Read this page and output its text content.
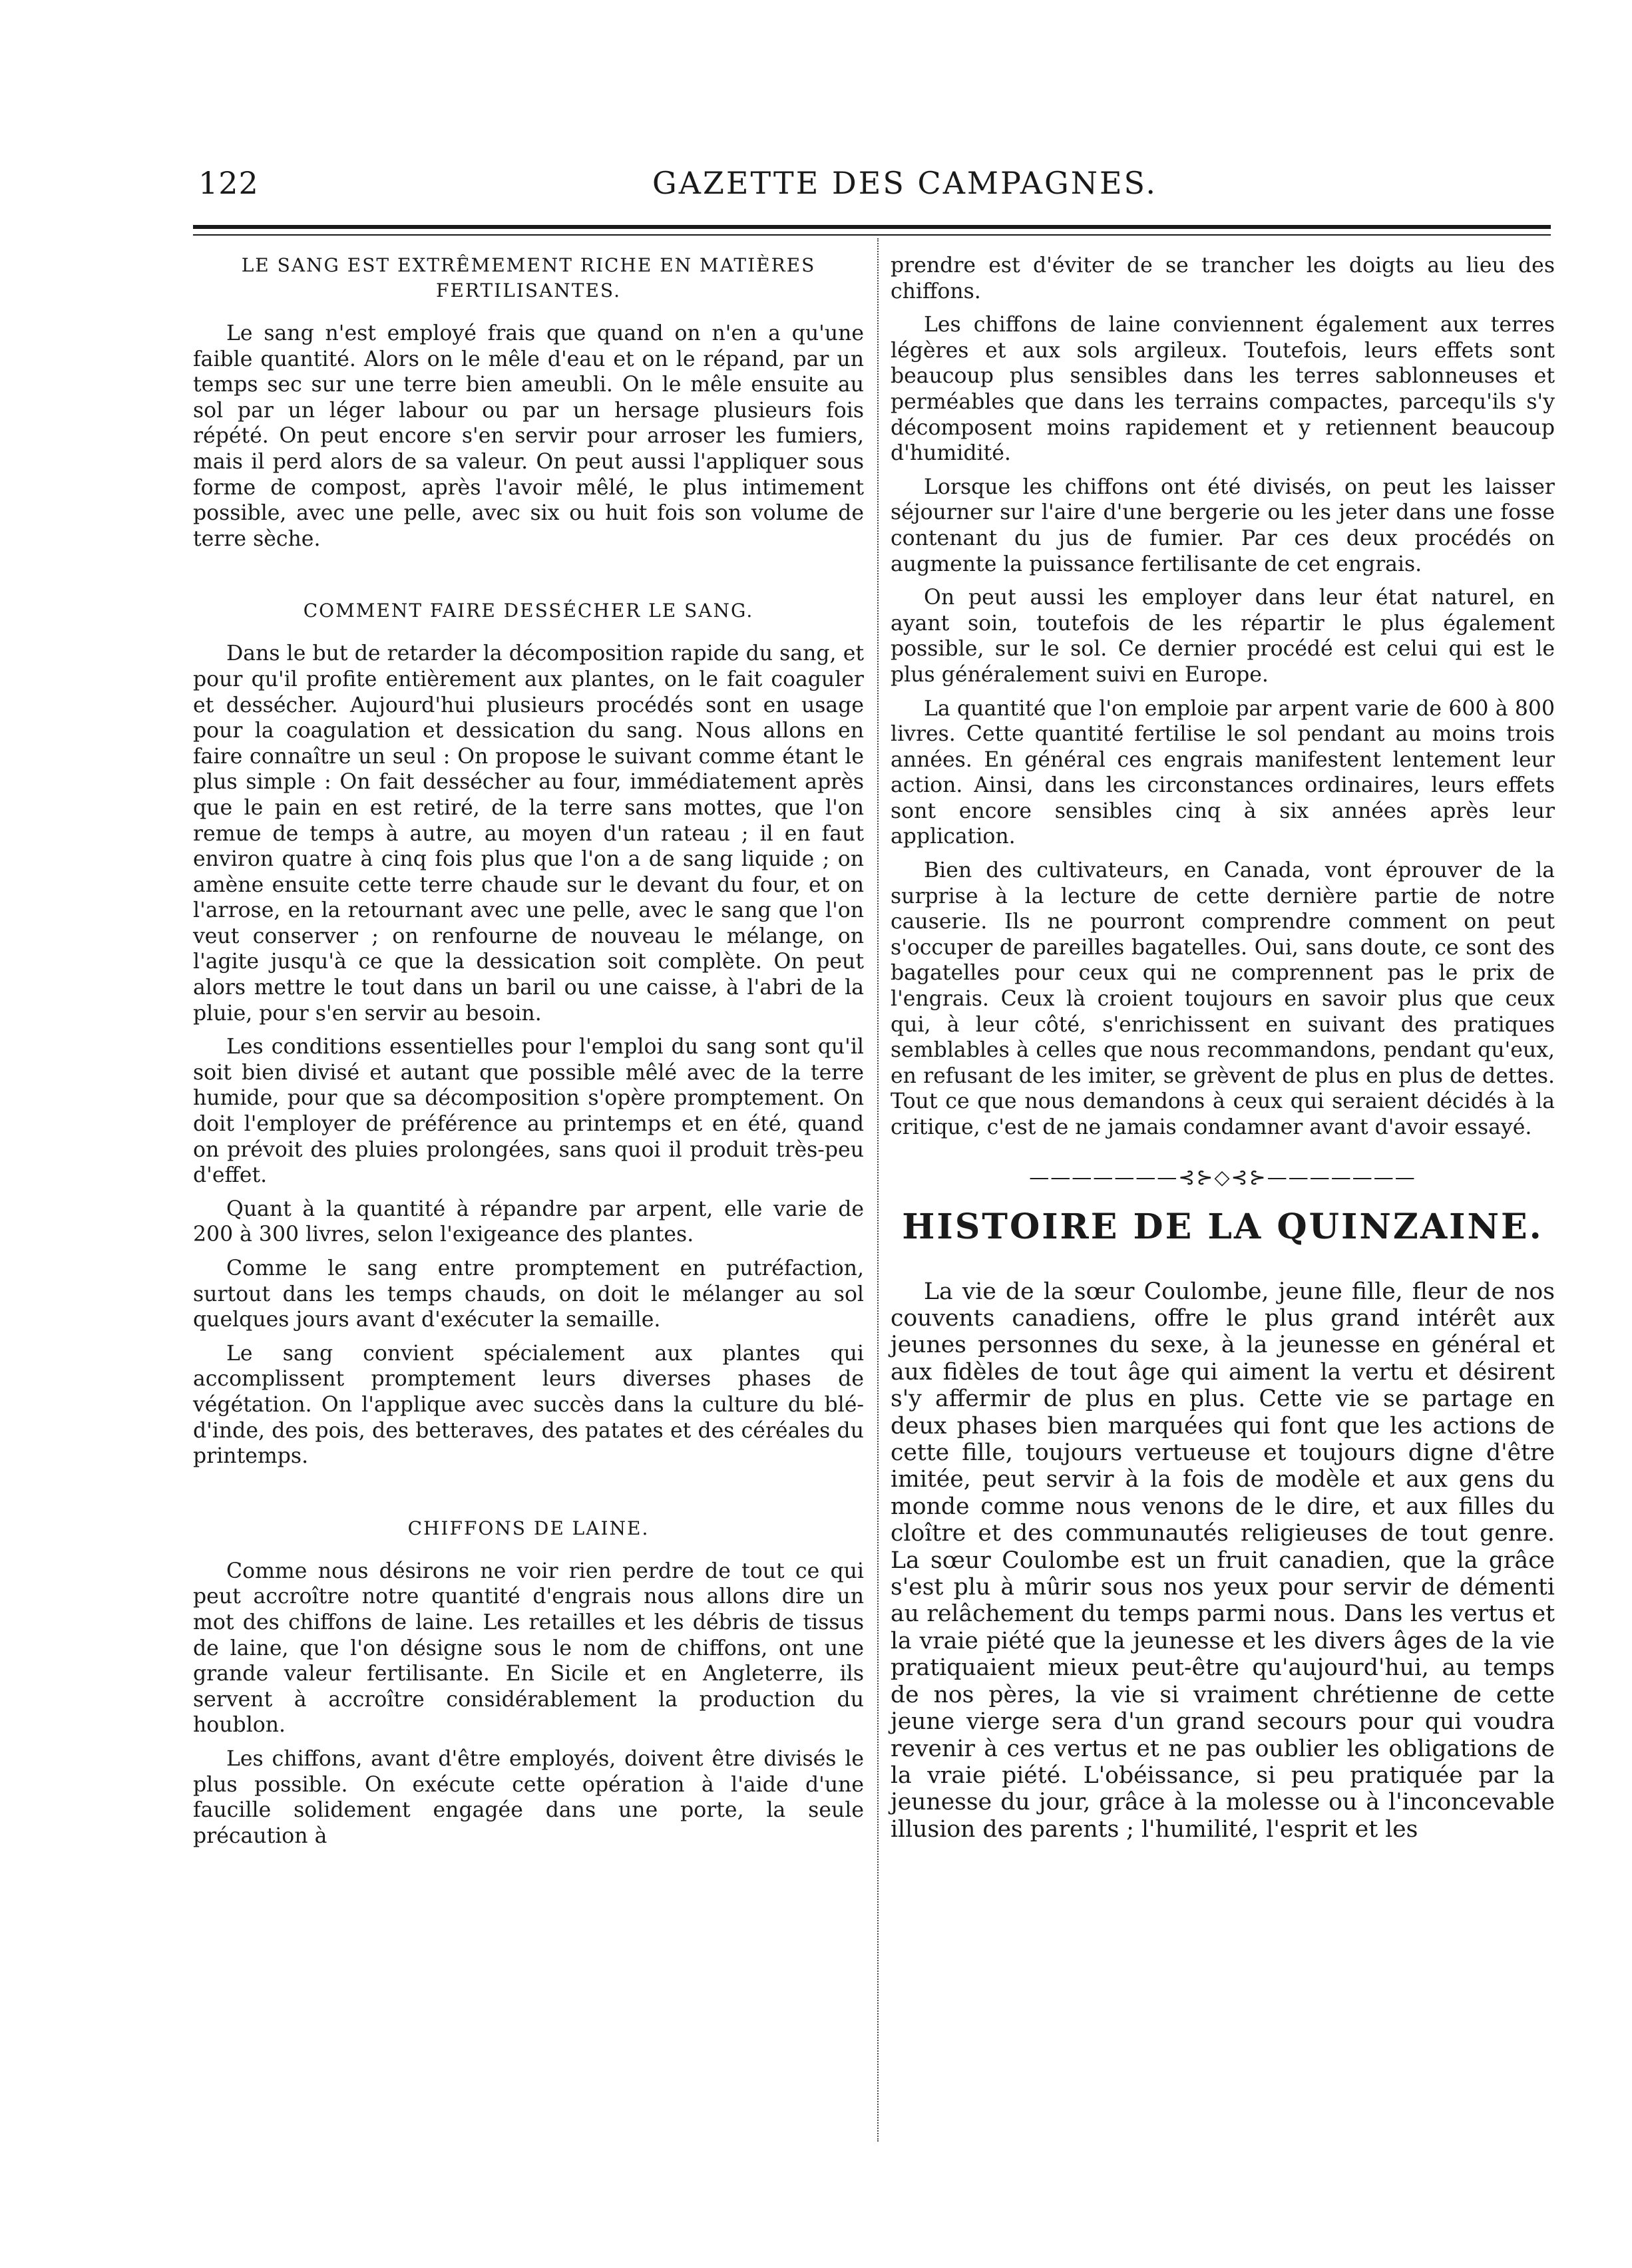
122	GAZETTE DES CAMPAGNES.
LE SANG EST EXTRÊMEMENT RICHE EN MATIÈRES FERTILISANTES.

Le sang n'est employé frais que quand on n'en a qu'une faible quantité. Alors on le mêle d'eau et on le répand, par un temps sec sur une terre bien ameubli. On le mêle ensuite au sol par un léger labour ou par un hersage plusieurs fois répété. On peut encore s'en servir pour arroser les fumiers, mais il perd alors de sa valeur. On peut aussi l'appliquer sous forme de compost, après l'avoir mêlé, le plus intimement possible, avec une pelle, avec six ou huit fois son volume de terre sèche.

COMMENT FAIRE DESSÉCHER LE SANG.

Dans le but de retarder la décomposition rapide du sang, et pour qu'il profite entièrement aux plantes, on le fait coaguler et dessécher. Aujourd'hui plusieurs procédés sont en usage pour la coagulation et dessication du sang. Nous allons en faire connaître un seul : On propose le suivant comme étant le plus simple : On fait dessécher au four, immédiatement après que le pain en est retiré, de la terre sans mottes, que l'on remue de temps à autre, au moyen d'un rateau ; il en faut environ quatre à cinq fois plus que l'on a de sang liquide ; on amène ensuite cette terre chaude sur le devant du four, et on l'arrose, en la retournant avec une pelle, avec le sang que l'on veut conserver ; on renfourne de nouveau le mélange, on l'agite jusqu'à ce que la dessication soit complète. On peut alors mettre le tout dans un baril ou une caisse, à l'abri de la pluie, pour s'en servir au besoin.

Les conditions essentielles pour l'emploi du sang sont qu'il soit bien divisé et autant que possible mêlé avec de la terre humide, pour que sa décomposition s'opère promptement. On doit l'employer de préférence au printemps et en été, quand on prévoit des pluies prolongées, sans quoi il produit très-peu d'effet.

Quant à la quantité à répandre par arpent, elle varie de 200 à 300 livres, selon l'exigeance des plantes.

Comme le sang entre promptement en putréfaction, surtout dans les temps chauds, on doit le mélanger au sol quelques jours avant d'exécuter la semaille.

Le sang convient spécialement aux plantes qui accomplissent promptement leurs diverses phases de végétation. On l'applique avec succès dans la culture du blé-d'inde, des pois, des betteraves, des patates et des céréales du printemps.

CHIFFONS DE LAINE.

Comme nous désirons ne voir rien perdre de tout ce qui peut accroître notre quantité d'engrais nous allons dire un mot des chiffons de laine. Les retailles et les débris de tissus de laine, que l'on désigne sous le nom de chiffons, ont une grande valeur fertilisante. En Sicile et en Angleterre, ils servent à accroître considérablement la production du houblon.

Les chiffons, avant d'être employés, doivent être divisés le plus possible. On exécute cette opération à l'aide d'une faucille solidement engagée dans une porte, la seule précaution à

prendre est d'éviter de se trancher les doigts au lieu des chiffons.

Les chiffons de laine conviennent également aux terres légères et aux sols argileux. Toutefois, leurs effets sont beaucoup plus sensibles dans les terres sablonneuses et perméables que dans les terrains compactes, parcequ'ils s'y décomposent moins rapidement et y retiennent beaucoup d'humidité.

Lorsque les chiffons ont été divisés, on peut les laisser séjourner sur l'aire d'une bergerie ou les jeter dans une fosse contenant du jus de fumier. Par ces deux procédés on augmente la puissance fertilisante de cet engrais.

On peut aussi les employer dans leur état naturel, en ayant soin, toutefois de les répartir le plus également possible, sur le sol. Ce dernier procédé est celui qui est le plus généralement suivi en Europe.

La quantité que l'on emploie par arpent varie de 600 à 800 livres. Cette quantité fertilise le sol pendant au moins trois années. En général ces engrais manifestent lentement leur action. Ainsi, dans les circonstances ordinaires, leurs effets sont encore sensibles cinq à six années après leur application.

Bien des cultivateurs, en Canada, vont éprouver de la surprise à la lecture de cette dernière partie de notre causerie. Ils ne pourront comprendre comment on peut s'occuper de pareilles bagatelles. Oui, sans doute, ce sont des bagatelles pour ceux qui ne comprennent pas le prix de l'engrais. Ceux là croient toujours en savoir plus que ceux qui, à leur côté, s'enrichissent en suivant des pratiques semblables à celles que nous recommandons, pendant qu'eux, en refusant de les imiter, se grèvent de plus en plus de dettes. Tout ce que nous demandons à ceux qui seraient décidés à la critique, c'est de ne jamais condamner avant d'avoir essayé.

———————⊰⊱◇⊰⊱———————
HISTOIRE DE LA QUINZAINE.

La vie de la sœur Coulombe, jeune fille, fleur de nos couvents canadiens, offre le plus grand intérêt aux jeunes personnes du sexe, à la jeunesse en général et aux fidèles de tout âge qui aiment la vertu et désirent s'y affermir de plus en plus. Cette vie se partage en deux phases bien marquées qui font que les actions de cette fille, toujours vertueuse et toujours digne d'être imitée, peut servir à la fois de modèle et aux gens du monde comme nous venons de le dire, et aux filles du cloître et des communautés religieuses de tout genre. La sœur Coulombe est un fruit canadien, que la grâce s'est plu à mûrir sous nos yeux pour servir de démenti au relâchement du temps parmi nous. Dans les vertus et la vraie piété que la jeunesse et les divers âges de la vie pratiquaient mieux peut-être qu'aujourd'hui, au temps de nos pères, la vie si vraiment chrétienne de cette jeune vierge sera d'un grand secours pour qui voudra revenir à ces vertus et ne pas oublier les obligations de la vraie piété. L'obéissance, si peu pratiquée par la jeunesse du jour, grâce à la molesse ou à l'inconcevable illusion des parents ; l'humilité, l'esprit et les
